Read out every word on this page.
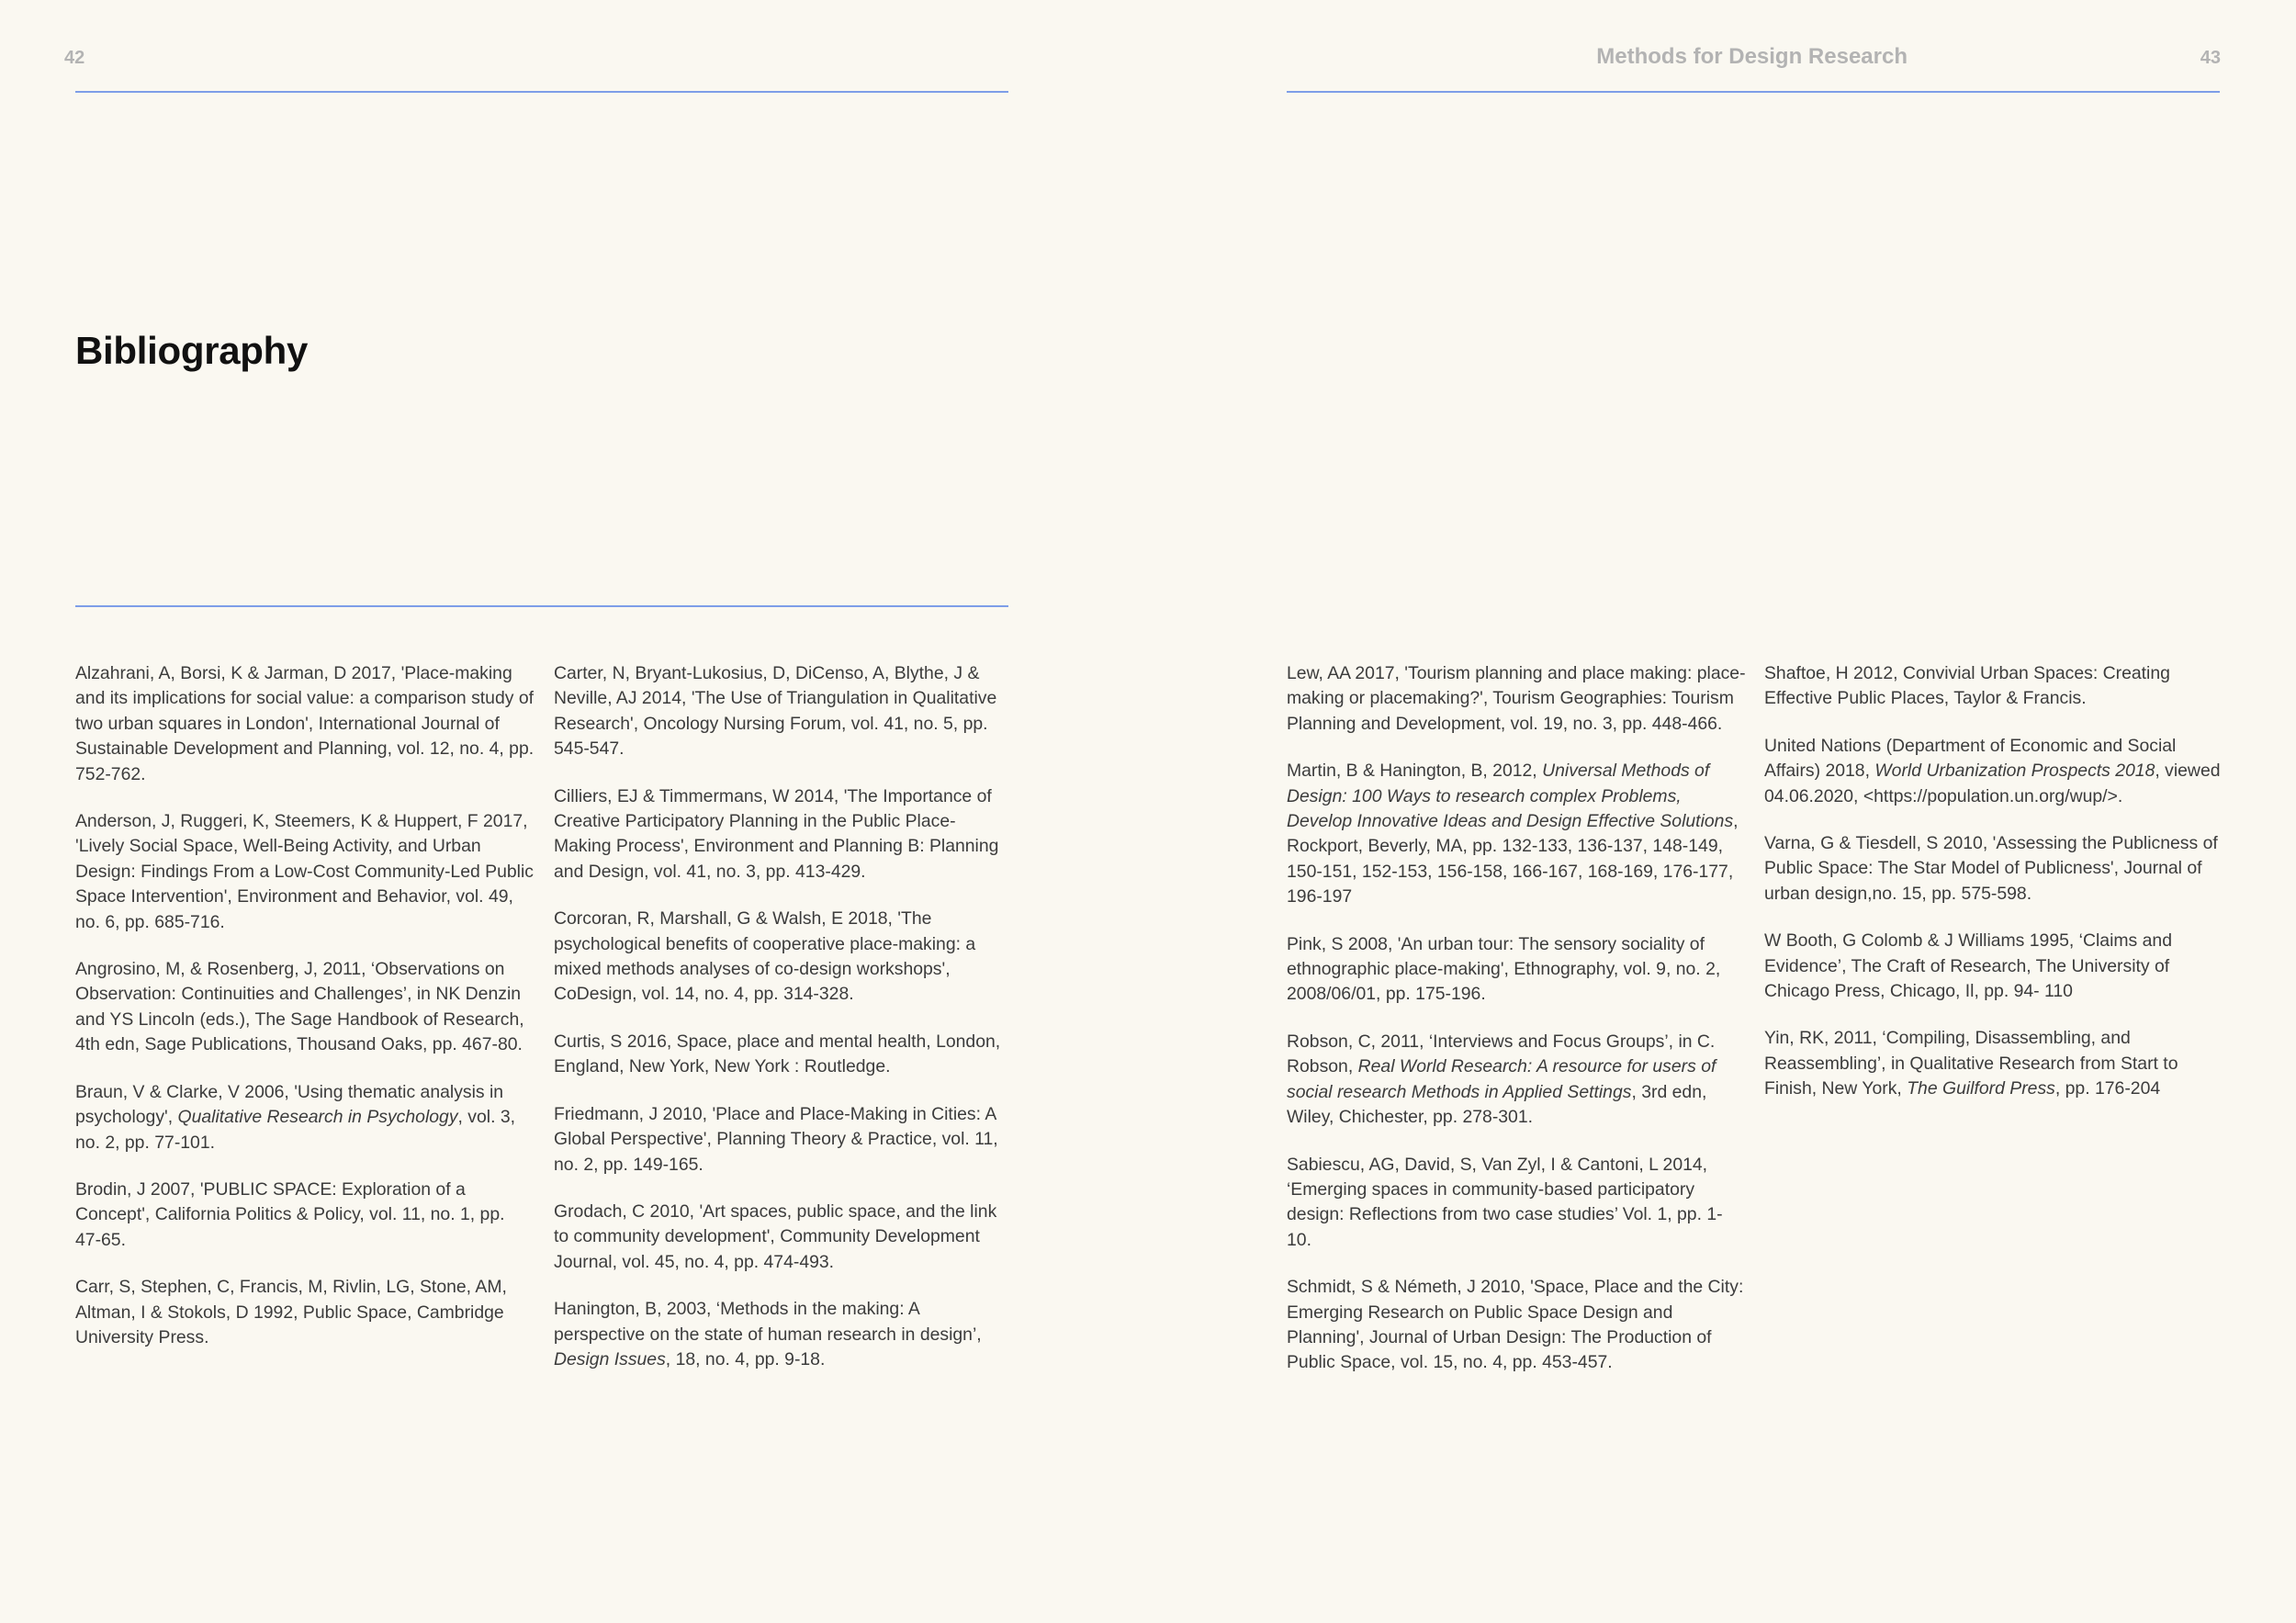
42	Methods for Design Research	43
Bibliography

Alzahrani, A, Borsi, K & Jarman, D 2017, 'Place-making and its implications for social value: a comparison study of two urban squares in London', International Journal of Sustainable Development and Planning, vol. 12, no. 4, pp. 752-762.

Anderson, J, Ruggeri, K, Steemers, K & Huppert, F 2017, 'Lively Social Space, Well-Being Activity, and Urban Design: Findings From a Low-Cost Community-Led Public Space Intervention', Environment and Behavior, vol. 49, no. 6, pp. 685-716.

Angrosino, M, & Rosenberg, J, 2011, ‘Observations on Observation: Continuities and Challenges’, in NK Denzin and YS Lincoln (eds.), The Sage Handbook of Research, 4th edn, Sage Publications, Thousand Oaks, pp. 467-80.

Braun, V & Clarke, V 2006, 'Using thematic analysis in psychology', Qualitative Research in Psychology, vol. 3, no. 2, pp. 77-101.

Brodin, J 2007, 'PUBLIC SPACE: Exploration of a Concept', California Politics & Policy, vol. 11, no. 1, pp. 47-65.

Carr, S, Stephen, C, Francis, M, Rivlin, LG, Stone, AM, Altman, I & Stokols, D 1992, Public Space, Cambridge University Press.

Carter, N, Bryant-Lukosius, D, DiCenso, A, Blythe, J & Neville, AJ 2014, 'The Use of Triangulation in Qualitative Research', Oncology Nursing Forum, vol. 41, no. 5, pp. 545-547.

Cilliers, EJ & Timmermans, W 2014, 'The Importance of Creative Participatory Planning in the Public Place-Making Process', Environment and Planning B: Planning and Design, vol. 41, no. 3, pp. 413-429.

Corcoran, R, Marshall, G & Walsh, E 2018, 'The psychological benefits of cooperative place-making: a mixed methods analyses of co-design workshops', CoDesign, vol. 14, no. 4, pp. 314-328.

Curtis, S 2016, Space, place and mental health, London, England, New York, New York : Routledge.

Friedmann, J 2010, 'Place and Place-Making in Cities: A Global Perspective', Planning Theory & Practice, vol. 11, no. 2, pp. 149-165.

Grodach, C 2010, 'Art spaces, public space, and the link to community development', Community Development Journal, vol. 45, no. 4, pp. 474-493.

Hanington, B, 2003, ‘Methods in the making: A perspective on the state of human research in design’, Design Issues, 18, no. 4, pp. 9-18.

Lew, AA 2017, 'Tourism planning and place making: place-making or placemaking?', Tourism Geographies: Tourism Planning and Development, vol. 19, no. 3, pp. 448-466.

Martin, B & Hanington, B, 2012, Universal Methods of Design: 100 Ways to research complex Problems, Develop Innovative Ideas and Design Effective Solutions, Rockport, Beverly, MA, pp. 132-133, 136-137, 148-149, 150-151, 152-153, 156-158, 166-167, 168-169, 176-177, 196-197

Pink, S 2008, 'An urban tour: The sensory sociality of ethnographic place-making', Ethnography, vol. 9, no. 2, 2008/06/01, pp. 175-196.

Robson, C, 2011, ‘Interviews and Focus Groups’, in C. Robson, Real World Research: A resource for users of social research Methods in Applied Settings, 3rd edn, Wiley, Chichester, pp. 278-301.

Sabiescu, AG, David, S, Van Zyl, I & Cantoni, L 2014, ‘Emerging spaces in community-based participatory design: Reflections from two case studies’ Vol. 1, pp. 1-10.

Schmidt, S & Németh, J 2010, 'Space, Place and the City: Emerging Research on Public Space Design and Planning', Journal of Urban Design: The Production of Public Space, vol. 15, no. 4, pp. 453-457.

Shaftoe, H 2012, Convivial Urban Spaces: Creating Effective Public Places, Taylor & Francis.

United Nations (Department of Economic and Social Affairs) 2018, World Urbanization Prospects 2018, viewed 04.06.2020, <https://population.un.org/wup/>.

Varna, G & Tiesdell, S 2010, 'Assessing the Publicness of Public Space: The Star Model of Publicness', Journal of urban design,no. 15, pp. 575-598.

W Booth, G Colomb & J Williams 1995, ‘Claims and Evidence’, The Craft of Research, The University of Chicago Press, Chicago, Il, pp. 94- 110

Yin, RK, 2011, ‘Compiling, Disassembling, and Reassembling’, in Qualitative Research from Start to Finish, New York, The Guilford Press, pp. 176-204
